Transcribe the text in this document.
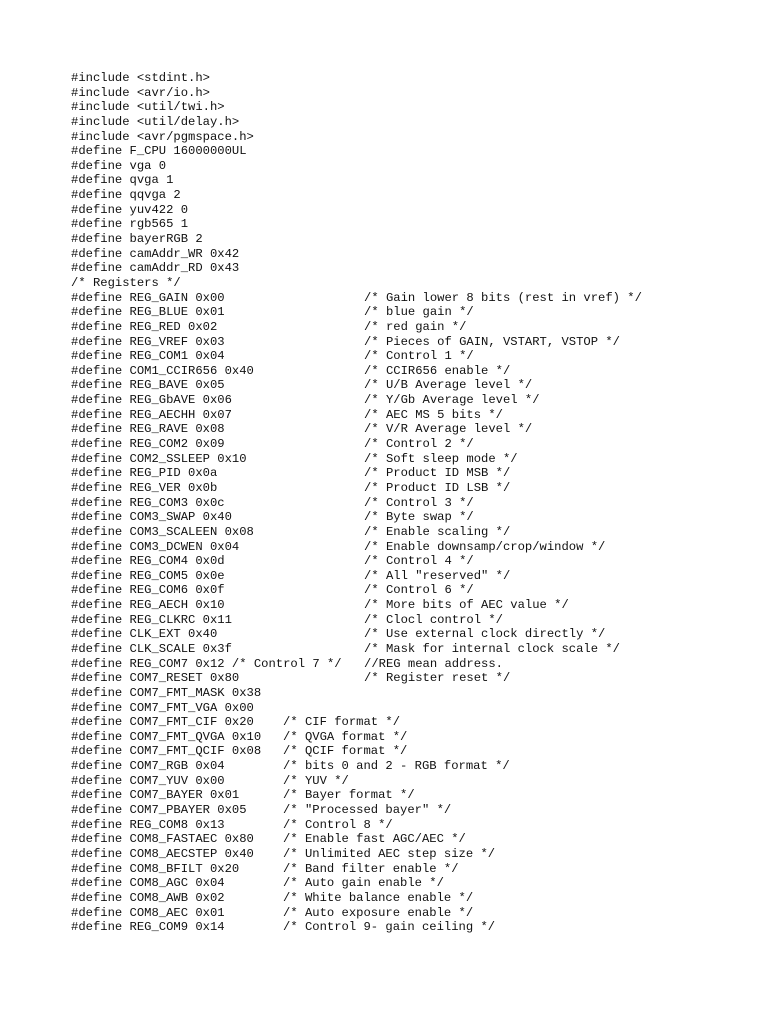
#include <stdint.h>
#include <avr/io.h>
#include <util/twi.h>
#include <util/delay.h>
#include <avr/pgmspace.h>
#define F_CPU 16000000UL
#define vga 0
#define qvga 1
#define qqvga 2
#define yuv422 0
#define rgb565 1
#define bayerRGB 2
#define camAddr_WR 0x42
#define camAddr_RD 0x43
/* Registers */
#define REG_GAIN 0x00	/* Gain lower 8 bits (rest in vref) */
#define REG_BLUE 0x01	/* blue gain */
#define REG_RED 0x02	/* red gain */
#define REG_VREF 0x03	/* Pieces of GAIN, VSTART, VSTOP */
#define REG_COM1 0x04	/* Control 1 */
#define COM1_CCIR656 0x40	/* CCIR656 enable */
#define REG_BAVE 0x05	/* U/B Average level */
#define REG_GbAVE 0x06	/* Y/Gb Average level */
#define REG_AECHH 0x07	/* AEC MS 5 bits */
#define REG_RAVE 0x08	/* V/R Average level */
#define REG_COM2 0x09	/* Control 2 */
#define COM2_SSLEEP 0x10	/* Soft sleep mode */
#define REG_PID 0x0a	/* Product ID MSB */
#define REG_VER 0x0b	/* Product ID LSB */
#define REG_COM3 0x0c	/* Control 3 */
#define COM3_SWAP 0x40	/* Byte swap */
#define COM3_SCALEEN 0x08	/* Enable scaling */
#define COM3_DCWEN 0x04	/* Enable downsamp/crop/window */
#define REG_COM4 0x0d	/* Control 4 */
#define REG_COM5 0x0e	/* All "reserved" */
#define REG_COM6 0x0f	/* Control 6 */
#define REG_AECH 0x10	/* More bits of AEC value */
#define REG_CLKRC 0x11	/* Clocl control */
#define CLK_EXT 0x40	/* Use external clock directly */
#define CLK_SCALE 0x3f	/* Mask for internal clock scale */
#define REG_COM7 0x12 /* Control 7 */ //REG mean address.
#define COM7_RESET 0x80	/* Register reset */
#define COM7_FMT_MASK 0x38
#define COM7_FMT_VGA 0x00
#define COM7_FMT_CIF 0x20 /* CIF format */
#define COM7_FMT_QVGA 0x10 /* QVGA format */
#define COM7_FMT_QCIF 0x08 /* QCIF format */
#define COM7_RGB 0x04	/* bits 0 and 2 - RGB format */
#define COM7_YUV 0x00	/* YUV */
#define COM7_BAYER 0x01	/* Bayer format */
#define COM7_PBAYER 0x05	/* "Processed bayer" */
#define REG_COM8 0x13	/* Control 8 */
#define COM8_FASTAEC 0x80 /* Enable fast AGC/AEC */
#define COM8_AECSTEP 0x40 /* Unlimited AEC step size */
#define COM8_BFILT 0x20	/* Band filter enable */
#define COM8_AGC 0x04	/* Auto gain enable */
#define COM8_AWB 0x02	/* White balance enable */
#define COM8_AEC 0x01	/* Auto exposure enable */
#define REG_COM9 0x14	/* Control 9- gain ceiling */
